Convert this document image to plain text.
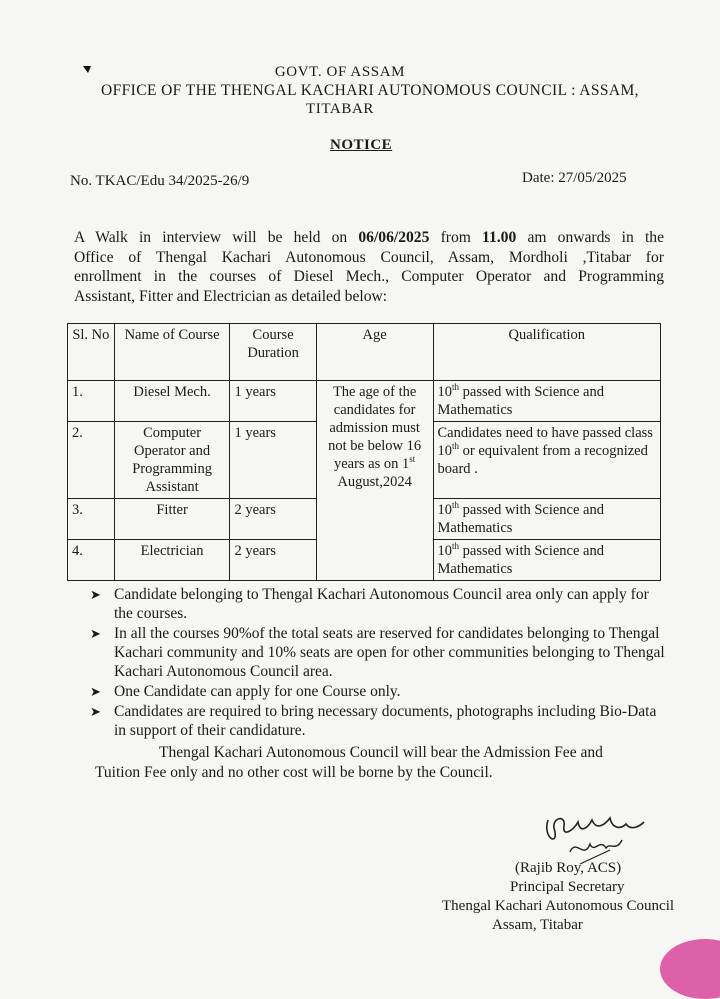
GOVT. OF ASSAM
OFFICE OF THE THENGAL KACHARI AUTONOMOUS COUNCIL : ASSAM,
TITABAR
NOTICE
No. TKAC/Edu 34/2025-26/9	Date: 27/05/2025
A Walk in interview will be held on 06/06/2025 from 11.00 am onwards in the
Office of Thengal Kachari Autonomous Council, Assam, Mordholi ,Titabar for
enrollment in the courses of Diesel Mech., Computer Operator and Programming
Assistant, Fitter and Electrician as detailed below:
Sl. No	Name of Course	Course Duration	Age	Qualification
1.	Diesel Mech.	1 years	The age of the candidates for admission must not be below 16 years as on 1st August,2024	10th passed with Science and Mathematics
2.	Computer Operator and Programming Assistant	1 years		Candidates need to have passed class 10th or equivalent from a recognized board .
3.	Fitter	2 years		10th passed with Science and Mathematics
4.	Electrician	2 years		10th passed with Science and Mathematics
➤ Candidate belonging to Thengal Kachari Autonomous Council area only can apply for the courses.
➤ In all the courses 90%of the total seats are reserved for candidates belonging to Thengal Kachari community and 10% seats are open for other communities belonging to Thengal Kachari Autonomous Council area.
➤ One Candidate can apply for one Course only.
➤ Candidates are required to bring necessary documents, photographs including Bio-Data in support of their candidature.
Thengal Kachari Autonomous Council will bear the Admission Fee and
Tuition Fee only and no other cost will be borne by the Council.
(Rajib Roy, ACS)
Principal Secretary
Thengal Kachari Autonomous Council
Assam, Titabar
